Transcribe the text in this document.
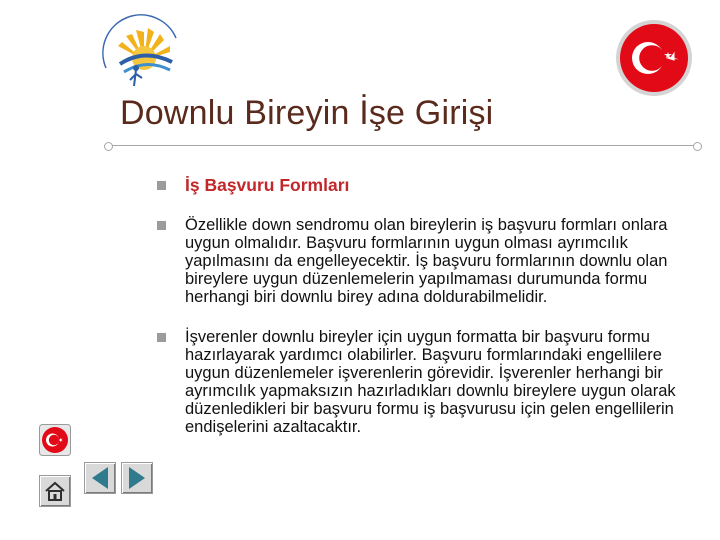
Downlu Bireyin İşe Girişi
İş Başvuru Formları
Özellikle down sendromu olan bireylerin iş başvuru formları onlara uygun olmalıdır. Başvuru formlarının uygun olması ayrımcılık yapılmasını da engelleyecektir. İş başvuru formlarının downlu olan bireylere uygun düzenlemelerin yapılmaması durumunda formu herhangi biri downlu birey adına doldurabilmelidir.
İşverenler downlu bireyler için uygun formatta bir başvuru formu hazırlayarak yardımcı olabilirler. Başvuru formlarındaki engellilere uygun düzenlemeler işverenlerin görevidir. İşverenler herhangi bir ayrımcılık yapmaksızın hazırladıkları downlu bireylere uygun olarak düzenledikleri bir başvuru formu iş başvurusu için gelen engellilerin endişelerini azaltacaktır.
